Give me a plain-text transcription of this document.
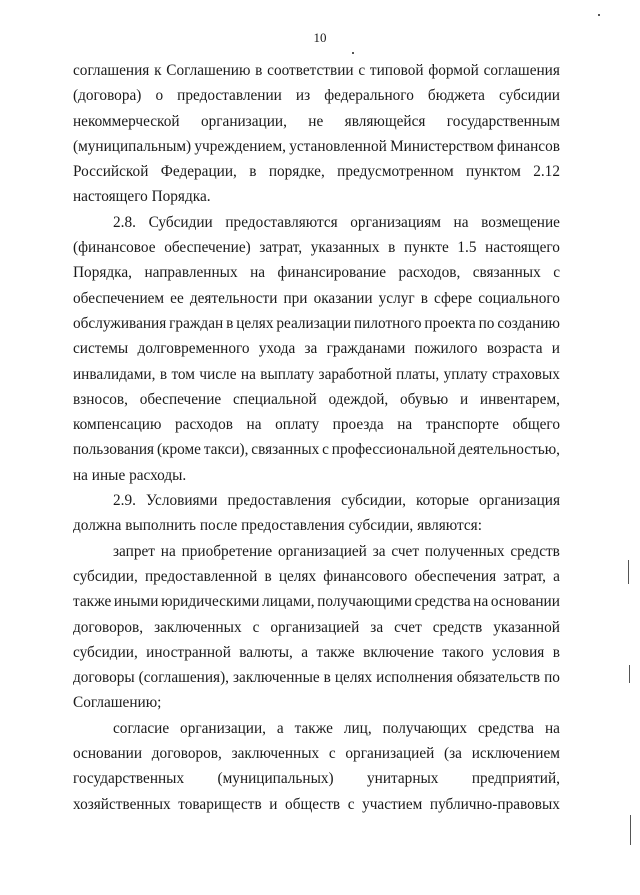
10
соглашения к Соглашению в соответствии с типовой формой соглашения
(договора) о предоставлении из федерального бюджета субсидии
некоммерческой организации, не являющейся государственным
(муниципальным) учреждением, установленной Министерством финансов
Российской Федерации, в порядке, предусмотренном пунктом 2.12
настоящего Порядка.
2.8. Субсидии предоставляются организациям на возмещение
(финансовое обеспечение) затрат, указанных в пункте 1.5 настоящего
Порядка, направленных на финансирование расходов, связанных с
обеспечением ее деятельности при оказании услуг в сфере социального
обслуживания граждан в целях реализации пилотного проекта по созданию
системы долговременного ухода за гражданами пожилого возраста и
инвалидами, в том числе на выплату заработной платы, уплату страховых
взносов, обеспечение специальной одеждой, обувью и инвентарем,
компенсацию расходов на оплату проезда на транспорте общего
пользования (кроме такси), связанных с профессиональной деятельностью,
на иные расходы.
2.9. Условиями предоставления субсидии, которые организация
должна выполнить после предоставления субсидии, являются:
запрет на приобретение организацией за счет полученных средств
субсидии, предоставленной в целях финансового обеспечения затрат, а
также иными юридическими лицами, получающими средства на основании
договоров, заключенных с организацией за счет средств указанной
субсидии, иностранной валюты, а также включение такого условия в
договоры (соглашения), заключенные в целях исполнения обязательств по
Соглашению;
согласие организации, а также лиц, получающих средства на
основании договоров, заключенных с организацией (за исключением
государственных (муниципальных) унитарных предприятий,
хозяйственных товариществ и обществ с участием публично-правовых
